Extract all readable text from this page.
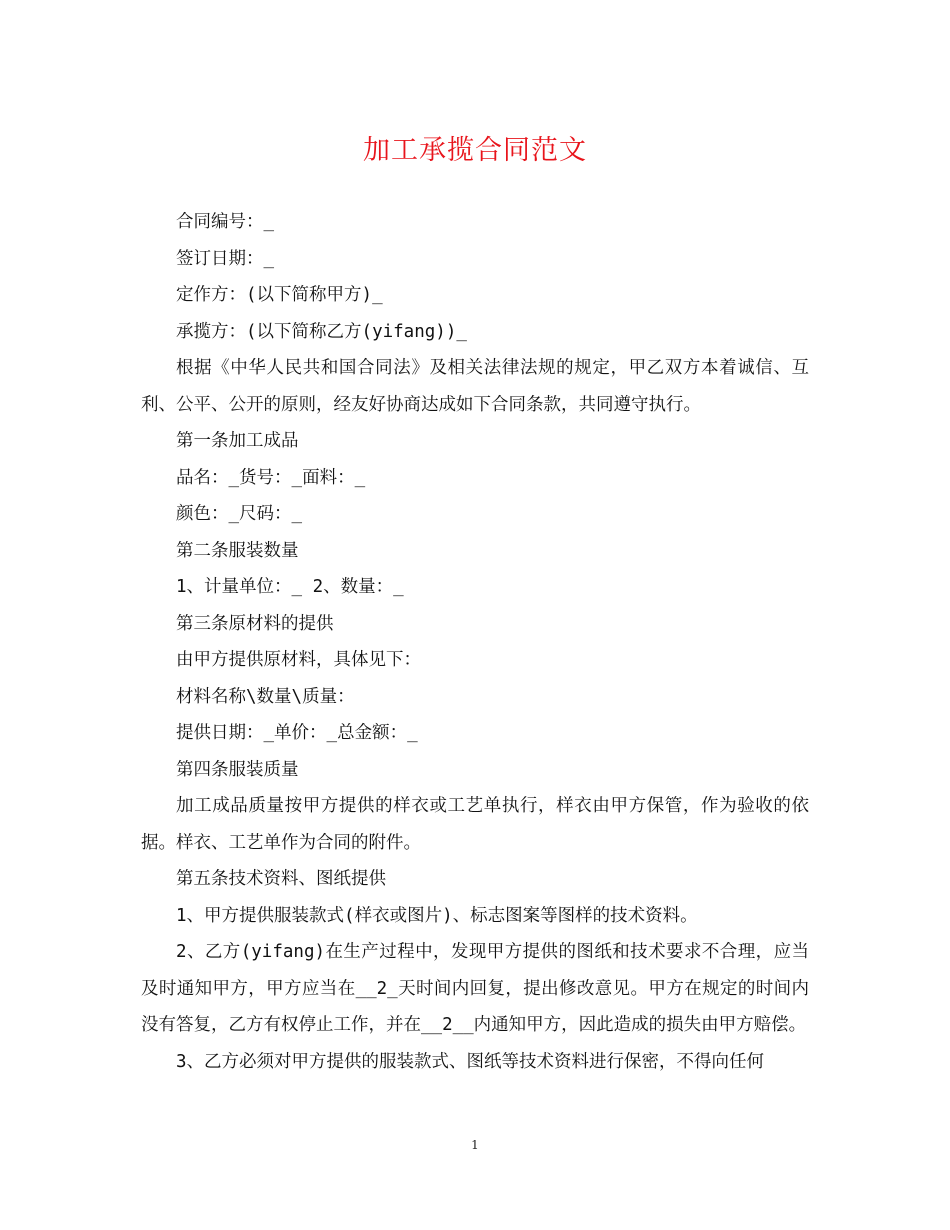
加工承揽合同范文

合同编号：_

签订日期：_

定作方：(以下简称甲方)_

承揽方：(以下简称乙方(yifang))_

根据《中华人民共和国合同法》及相关法律法规的规定，甲乙双方本着诚信、互利、公平、公开的原则，经友好协商达成如下合同条款，共同遵守执行。

第一条加工成品

品名：_货号：_面料：_

颜色：_尺码：_

第二条服装数量

1、计量单位：_ 2、数量：_

第三条原材料的提供

由甲方提供原材料，具体见下：

材料名称\数量\质量：

提供日期：_单价：_总金额：_

第四条服装质量

加工成品质量按甲方提供的样衣或工艺单执行，样衣由甲方保管，作为验收的依据。样衣、工艺单作为合同的附件。

第五条技术资料、图纸提供

1、甲方提供服装款式(样衣或图片)、标志图案等图样的技术资料。

2、乙方(yifang)在生产过程中，发现甲方提供的图纸和技术要求不合理，应当及时通知甲方，甲方应当在__2_天时间内回复，提出修改意见。甲方在规定的时间内没有答复，乙方有权停止工作，并在__2__内通知甲方，因此造成的损失由甲方赔偿。

3、乙方必须对甲方提供的服装款式、图纸等技术资料进行保密，不得向任何

1
